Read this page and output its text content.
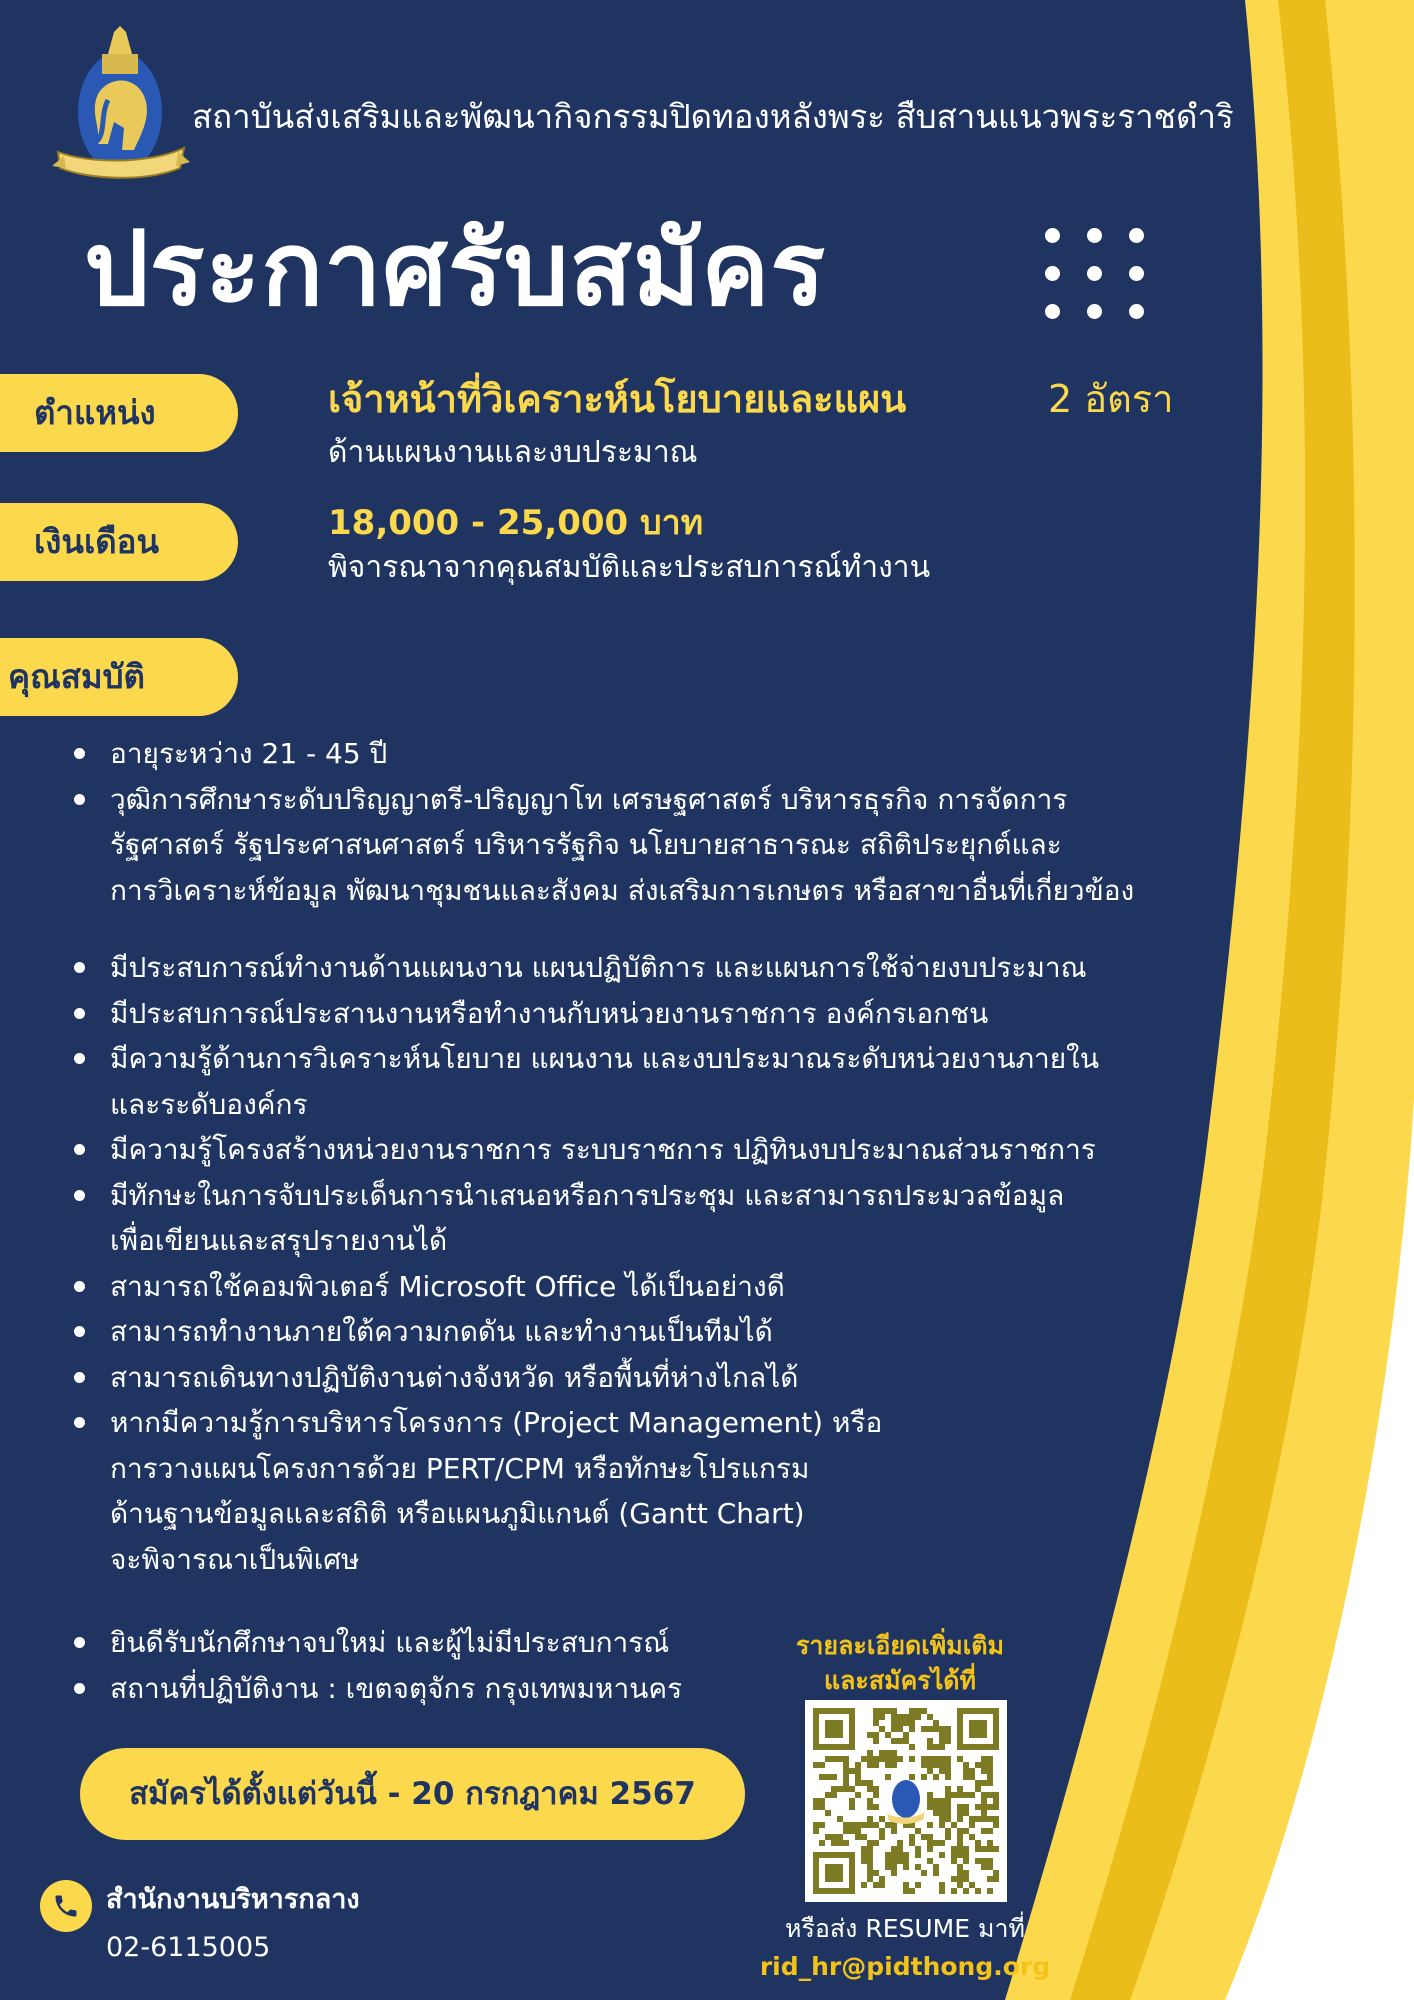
สถาบันส่งเสริมและพัฒนากิจกรรมปิดทองหลังพระ สืบสานแนวพระราชดำริ
ประกาศรับสมัคร
ตำแหน่ง	เจ้าหน้าที่วิเคราะห์นโยบายและแผน	2 อัตรา
ด้านแผนงานและงบประมาณ
เงินเดือน	18,000 - 25,000 บาท
พิจารณาจากคุณสมบัติและประสบการณ์ทำงาน
คุณสมบัติ
อายุระหว่าง 21 - 45 ปี
วุฒิการศึกษาระดับปริญญาตรี-ปริญญาโท เศรษฐศาสตร์ บริหารธุรกิจ การจัดการ
รัฐศาสตร์ รัฐประศาสนศาสตร์ บริหารรัฐกิจ นโยบายสาธารณะ สถิติประยุกต์และ
การวิเคราะห์ข้อมูล พัฒนาชุมชนและสังคม ส่งเสริมการเกษตร หรือสาขาอื่นที่เกี่ยวข้อง
มีประสบการณ์ทำงานด้านแผนงาน แผนปฏิบัติการ และแผนการใช้จ่ายงบประมาณ
มีประสบการณ์ประสานงานหรือทำงานกับหน่วยงานราชการ องค์กรเอกชน
มีความรู้ด้านการวิเคราะห์นโยบาย แผนงาน และงบประมาณระดับหน่วยงานภายใน
และระดับองค์กร
มีความรู้โครงสร้างหน่วยงานราชการ ระบบราชการ ปฏิทินงบประมาณส่วนราชการ
มีทักษะในการจับประเด็นการนำเสนอหรือการประชุม และสามารถประมวลข้อมูล
เพื่อเขียนและสรุปรายงานได้
สามารถใช้คอมพิวเตอร์ Microsoft Office ได้เป็นอย่างดี
สามารถทำงานภายใต้ความกดดัน และทำงานเป็นทีมได้
สามารถเดินทางปฏิบัติงานต่างจังหวัด หรือพื้นที่ห่างไกลได้
หากมีความรู้การบริหารโครงการ (Project Management) หรือ
การวางแผนโครงการด้วย PERT/CPM หรือทักษะโปรแกรม
ด้านฐานข้อมูลและสถิติ หรือแผนภูมิแกนต์ (Gantt Chart)
จะพิจารณาเป็นพิเศษ
ยินดีรับนักศึกษาจบใหม่ และผู้ไม่มีประสบการณ์
สถานที่ปฏิบัติงาน : เขตจตุจักร กรุงเทพมหานคร
สมัครได้ตั้งแต่วันนี้ - 20 กรกฎาคม 2567
สำนักงานบริหารกลาง
02-6115005
รายละเอียดเพิ่มเติม
และสมัครได้ที่
หรือส่ง RESUME มาที่
rid_hr@pidthong.org
